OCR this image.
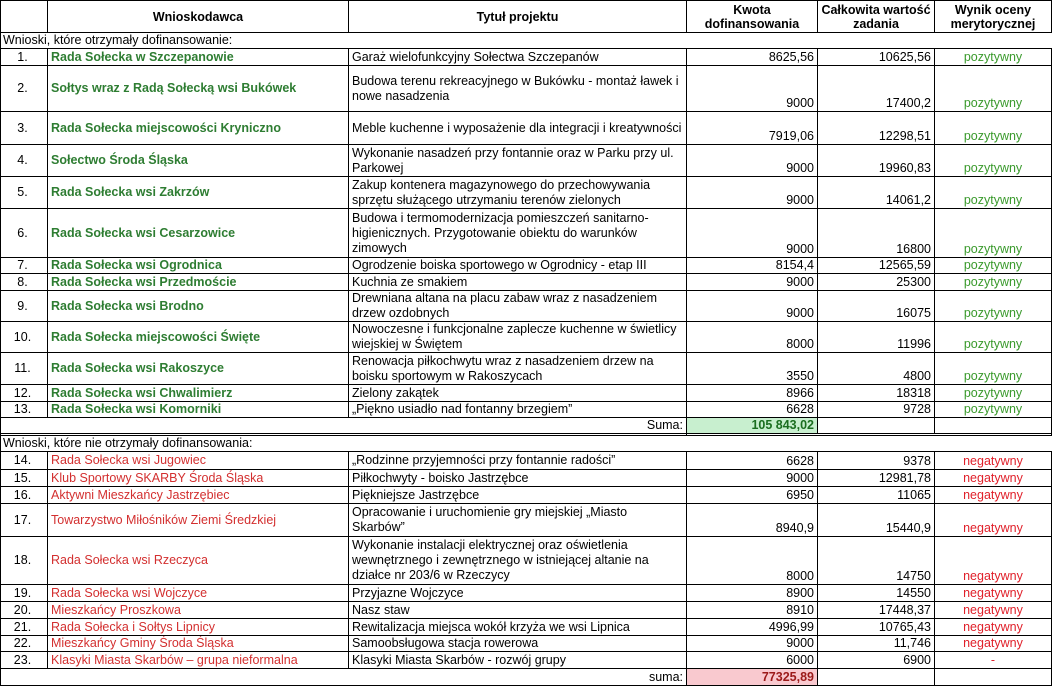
	Wnioskodawca	Tytuł projektu	Kwota dofinansowania	Całkowita wartość zadania	Wynik oceny merytorycznej
Wnioski, które otrzymały dofinansowanie:					
1.	Rada Sołecka w Szczepanowie	Garaż wielofunkcyjny Sołectwa Szczepanów	8625,56	10625,56	pozytywny
2.	Sołtys wraz z Radą Sołecką wsi Bukówek	Budowa terenu rekreacyjnego w Bukówku - montaż ławek i nowe nasadzenia	9000	17400,2	pozytywny
3.	Rada Sołecka miejscowości Kryniczno	Meble kuchenne i wyposażenie dla integracji i kreatywności	7919,06	12298,51	pozytywny
4.	Sołectwo Środa Śląska	Wykonanie nasadzeń przy fontannie oraz w Parku przy ul. Parkowej	9000	19960,83	pozytywny
5.	Rada Sołecka wsi Zakrzów	Zakup kontenera magazynowego do przechowywania sprzętu służącego utrzymaniu terenów zielonych	9000	14061,2	pozytywny
6.	Rada Sołecka wsi Cesarzowice	Budowa i termomodernizacja pomieszczeń sanitarno-higienicznych. Przygotowanie obiektu do warunków zimowych	9000	16800	pozytywny
7.	Rada Sołecka wsi Ogrodnica	Ogrodzenie boiska sportowego w Ogrodnicy - etap III	8154,4	12565,59	pozytywny
8.	Rada Sołecka wsi Przedmoście	Kuchnia ze smakiem	9000	25300	pozytywny
9.	Rada Sołecka wsi Brodno	Drewniana altana na placu zabaw wraz z nasadzeniem drzew ozdobnych	9000	16075	pozytywny
10.	Rada Sołecka miejscowości Święte	Nowoczesne i funkcjonalne zaplecze kuchenne w świetlicy wiejskiej w Świętem	8000	11996	pozytywny
11.	Rada Sołecka wsi Rakoszyce	Renowacja piłkochwytu wraz z nasadzeniem drzew na boisku sportowym w Rakoszycach	3550	4800	pozytywny
12.	Rada Sołecka wsi Chwalimierz	Zielony zakątek	8966	18318	pozytywny
13.	Rada Sołecka wsi Komorniki	„Piękno usiadło nad fontanny brzegiem”	6628	9728	pozytywny
		Suma:	105 843,02		

Wnioski, które nie otrzymały dofinansowania:					
14.	Rada Sołecka wsi Jugowiec	„Rodzinne przyjemności przy fontannie radości”	6628	9378	negatywny
15.	Klub Sportowy SKARBY Środa Śląska	Piłkochwyty - boisko Jastrzębce	9000	12981,78	negatywny
16.	Aktywni Mieszkańcy Jastrzębiec	Piękniejsze Jastrzębce	6950	11065	negatywny
17.	Towarzystwo Miłośników Ziemi Średzkiej	Opracowanie i uruchomienie gry miejskiej „Miasto Skarbów”	8940,9	15440,9	negatywny
18.	Rada Sołecka wsi Rzeczyca	Wykonanie instalacji elektrycznej oraz oświetlenia wewnętrznego i zewnętrznego w istniejącej altanie na działce nr 203/6 w Rzeczycy	8000	14750	negatywny
19.	Rada Sołecka wsi Wojczyce	Przyjazne Wojczyce	8900	14550	negatywny
20.	Mieszkańcy Proszkowa	Nasz staw	8910	17448,37	negatywny
21.	Rada Sołecka i Sołtys Lipnicy	Rewitalizacja miejsca wokół krzyża we wsi Lipnica	4996,99	10765,43	negatywny
22.	Mieszkańcy Gminy Środa Śląska	Samoobsługowa stacja rowerowa	9000	11,746	negatywny
23.	Klasyki Miasta Skarbów – grupa nieformalna	Klasyki Miasta Skarbów - rozwój grupy	6000	6900	-
		suma:	77325,89		
